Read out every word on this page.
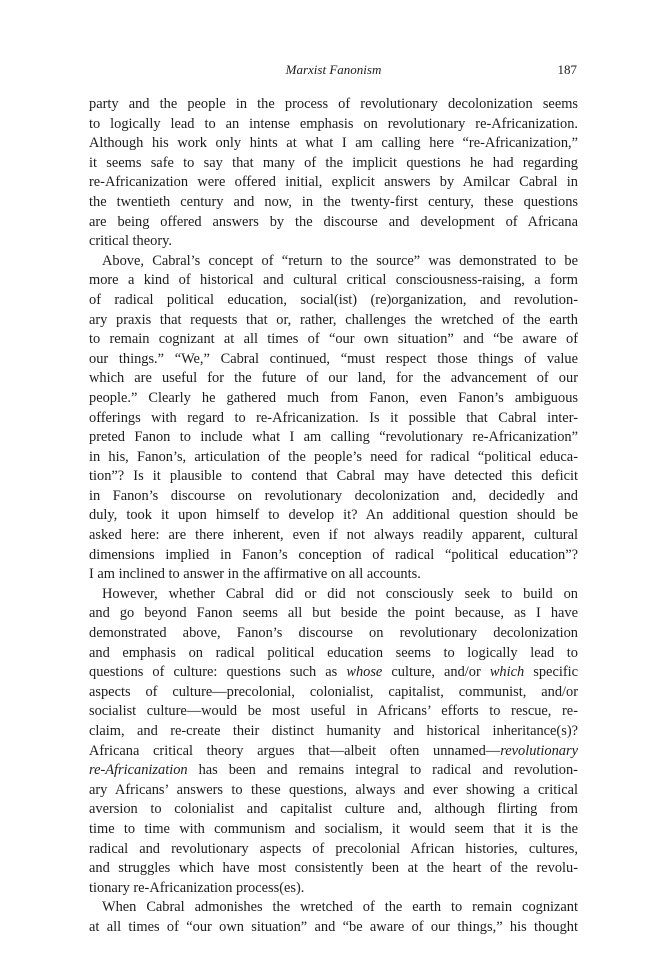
Marxist Fanonism	187

party and the people in the process of revolutionary decolonization seems

to logically lead to an intense emphasis on revolutionary re-Africanization.

Although his work only hints at what I am calling here “re-Africanization,”

it seems safe to say that many of the implicit questions he had regarding

re-Africanization were offered initial, explicit answers by Amilcar Cabral in

the twentieth century and now, in the twenty-first century, these questions

are being offered answers by the discourse and development of Africana

critical theory.

Above, Cabral’s concept of “return to the source” was demonstrated to be

more a kind of historical and cultural critical consciousness-raising, a form

of radical political education, social(ist) (re)organization, and revolution-

ary praxis that requests that or, rather, challenges the wretched of the earth

to remain cognizant at all times of “our own situation” and “be aware of

our things.” “We,” Cabral continued, “must respect those things of value

which are useful for the future of our land, for the advancement of our

people.” Clearly he gathered much from Fanon, even Fanon’s ambiguous

offerings with regard to re-Africanization. Is it possible that Cabral inter-

preted Fanon to include what I am calling “revolutionary re-Africanization”

in his, Fanon’s, articulation of the people’s need for radical “political educa-

tion”? Is it plausible to contend that Cabral may have detected this deficit

in Fanon’s discourse on revolutionary decolonization and, decidedly and

duly, took it upon himself to develop it? An additional question should be

asked here: are there inherent, even if not always readily apparent, cultural

dimensions implied in Fanon’s conception of radical “political education”?

I am inclined to answer in the affirmative on all accounts.

However, whether Cabral did or did not consciously seek to build on

and go beyond Fanon seems all but beside the point because, as I have

demonstrated above, Fanon’s discourse on revolutionary decolonization

and emphasis on radical political education seems to logically lead to

questions of culture: questions such as whose culture, and/or which specific

aspects of culture—precolonial, colonialist, capitalist, communist, and/or

socialist culture—would be most useful in Africans’ efforts to rescue, re-

claim, and re-create their distinct humanity and historical inheritance(s)?

Africana critical theory argues that—albeit often unnamed—revolutionary

re-Africanization has been and remains integral to radical and revolution-

ary Africans’ answers to these questions, always and ever showing a critical

aversion to colonialist and capitalist culture and, although flirting from

time to time with communism and socialism, it would seem that it is the

radical and revolutionary aspects of precolonial African histories, cultures,

and struggles which have most consistently been at the heart of the revolu-

tionary re-Africanization process(es).

When Cabral admonishes the wretched of the earth to remain cognizant

at all times of “our own situation” and “be aware of our things,” his thought
